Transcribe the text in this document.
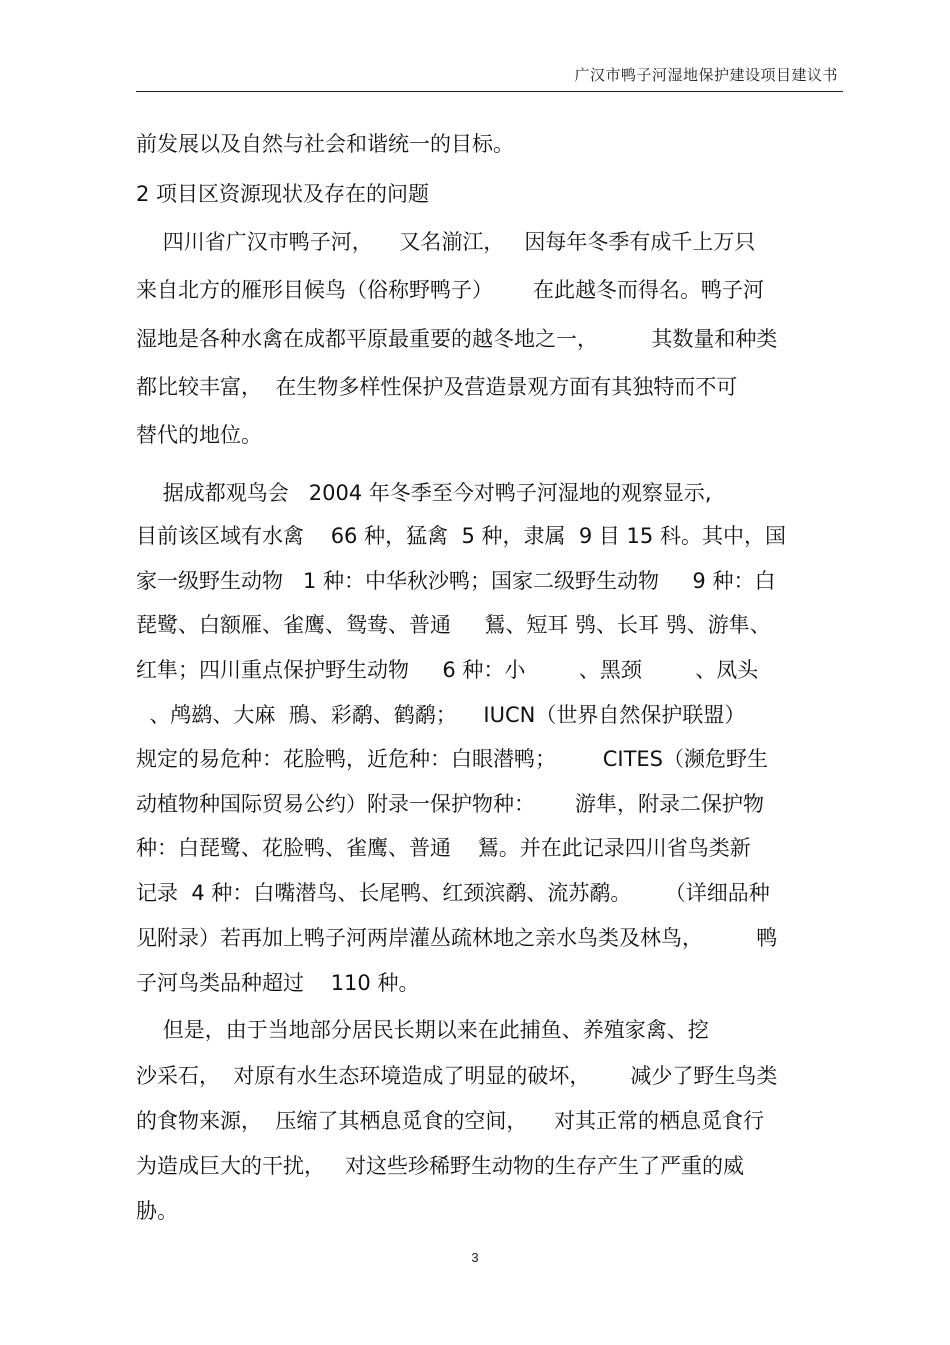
广汉市鸭子河湿地保护建设项目建议书
前发展以及自然与社会和谐统一的目标。
2 项目区资源现状及存在的问题
四川省广汉市鸭子河，    又名湔江，   因每年冬季有成千上万只
来自北方的雁形目候鸟（俗称野鸭子）      在此越冬而得名。鸭子河
湿地是各种水禽在成都平原最重要的越冬地之一，        其数量和种类
都比较丰富，  在生物多样性保护及营造景观方面有其独特而不可
替代的地位。
据成都观鸟会   2004 年冬季至今对鸭子河湿地的观察显示,
目前该区域有水禽    66 种，猛禽  5 种，隶属  9 目 15 科。其中，国
家一级野生动物   1 种：中华秋沙鸭；国家二级野生动物     9 种：白
琵鹭、白额雁、雀鹰、鸳鸯、普通     鵟、短耳 鸮、长耳 鸮、游隼、
红隼；四川重点保护野生动物     6 种：小        、黑颈        、凤头
、鸬鹚、大麻  鳽、彩鹬、鹤鹬；    IUCN（世界自然保护联盟）
规定的易危种：花脸鸭，近危种：白眼潜鸭；       CITES（濒危野生
动植物种国际贸易公约）附录一保护物种：      游隼，附录二保护物
种：白琵鹭、花脸鸭、雀鹰、普通    鵟。并在此记录四川省鸟类新
记录  4 种：白嘴潜鸟、长尾鸭、红颈滨鹬、流苏鹬。     （详细品种
见附录）若再加上鸭子河两岸灌丛疏林地之亲水鸟类及林鸟，        鸭
子河鸟类品种超过    110 种。
但是，由于当地部分居民长期以来在此捕鱼、养殖家禽、挖
沙采石，  对原有水生态环境造成了明显的破坏，      减少了野生鸟类
的食物来源，  压缩了其栖息觅食的空间，    对其正常的栖息觅食行
为造成巨大的干扰，   对这些珍稀野生动物的生存产生了严重的威
胁。
3
